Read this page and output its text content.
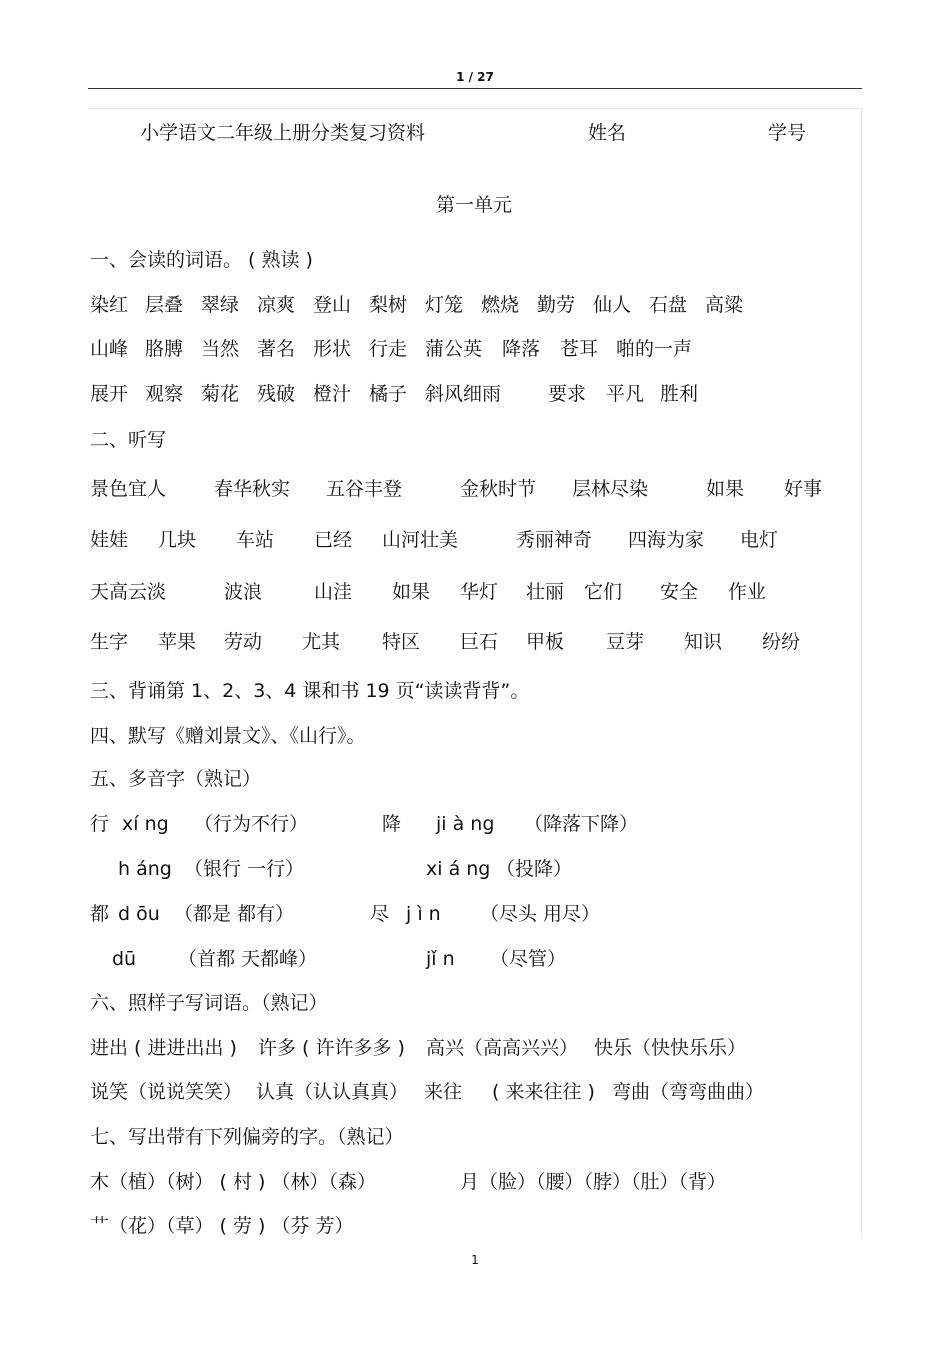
1 / 27
小学语文二年级上册分类复习资料	姓名	学号
第一单元
一、会读的词语。 ( 熟读 )
染红 层叠 翠绿 凉爽 登山 梨树 灯笼 燃烧 勤劳 仙人 石盘 高粱
山峰 胳膊 当然 著名 形状 行走 蒲公英 降落 苍耳 啪的一声
展开 观察 菊花 残破 橙汁 橘子 斜风细雨 要求 平凡 胜利
二、听写
景色宜人	春华秋实 五谷丰登	金秋时节 层林尽染	如果 好事
娃娃 几块 车站 已经 山河壮美	秀丽神奇 四海为家 电灯
天高云淡	波浪	山洼 如果 华灯 壮丽 它们 安全 作业
生字 苹果 劳动 尤其 特区 巨石 甲板 豆芽 知识 纷纷
三、背诵第 1、2、3、4 课和书 19 页“读读背背”。
四、默写《赠刘景文》、《山行》。
五、多音字（熟记）
行 xí ng （行为不行）	降 ji à ng （降落下降）
h áng （银行 一行）	xi á ng （投降）
都 d ōu （都是 都有）	尽 j ì n （尽头 用尽）
dū （首都 天都峰）	jǐ n （尽管）
六、照样子写词语。（熟记）
进出 ( 进进出出 ) 许多 ( 许许多多 ) 高兴（高高兴兴） 快乐（快快乐乐）
说笑（说说笑笑） 认真（认认真真） 来往 ( 来来往往 ) 弯曲（弯弯曲曲）
七、写出带有下列偏旁的字。（熟记）
木（植）（树） ( 村 ) （林）（森）	月（脸）（腰）（脖）（肚）（背）
艹（花）（草） ( 劳 ) （芬 芳）
1
